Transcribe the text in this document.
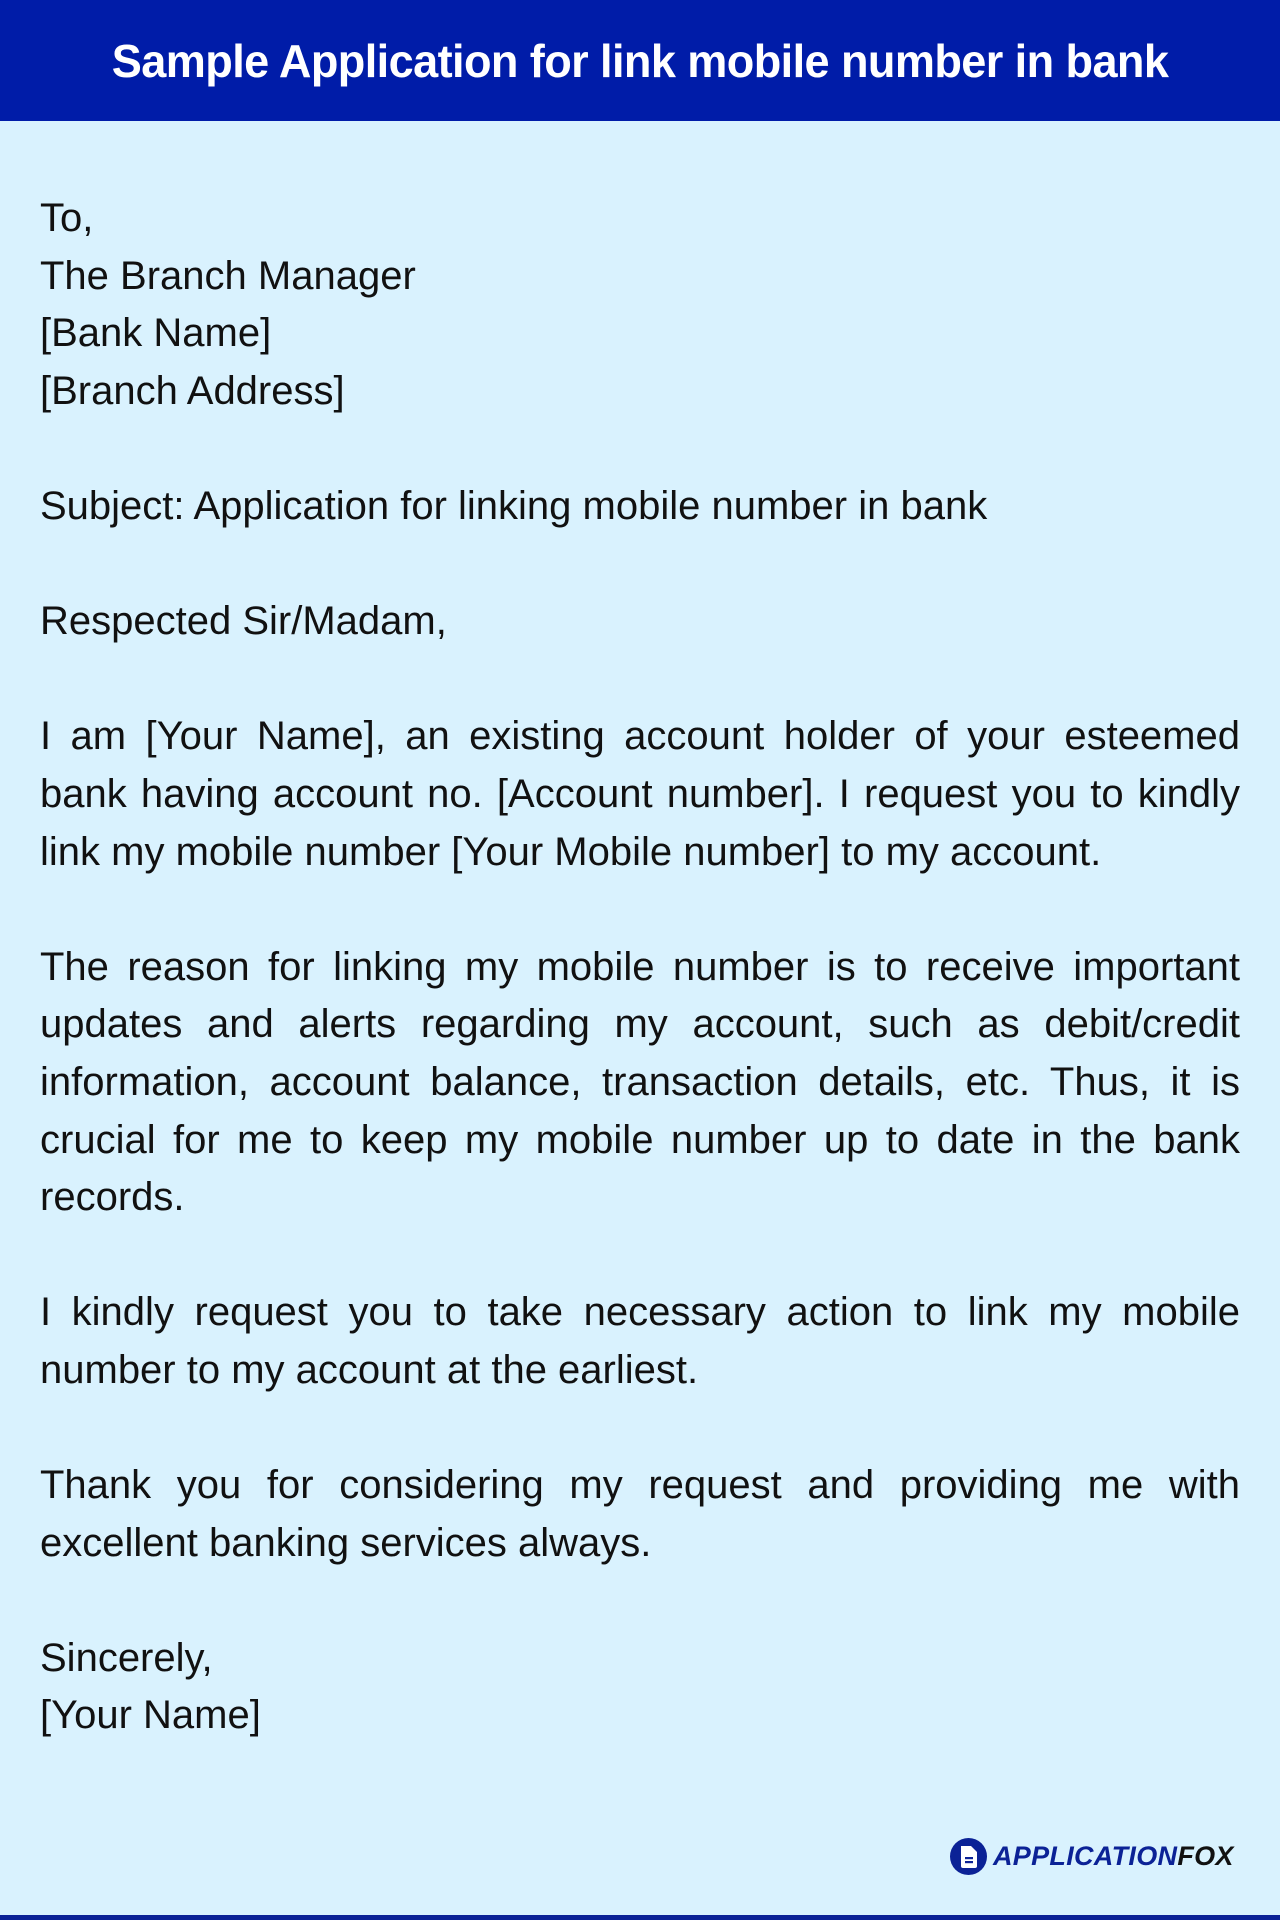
Sample Application for link mobile number in bank

To,
The Branch Manager
[Bank Name]
[Branch Address]

Subject: Application for linking mobile number in bank

Respected Sir/Madam,

I am [Your Name], an existing account holder of your esteemed bank having account no. [Account number]. I request you to kindly link my mobile number [Your Mobile number] to my account.

The reason for linking my mobile number is to receive important updates and alerts regarding my account, such as debit/credit information, account balance, transaction details, etc. Thus, it is crucial for me to keep my mobile number up to date in the bank records.

I kindly request you to take necessary action to link my mobile number to my account at the earliest.

Thank you for considering my request and providing me with excellent banking services always.

Sincerely,
[Your Name]

APPLICATIONFOX
